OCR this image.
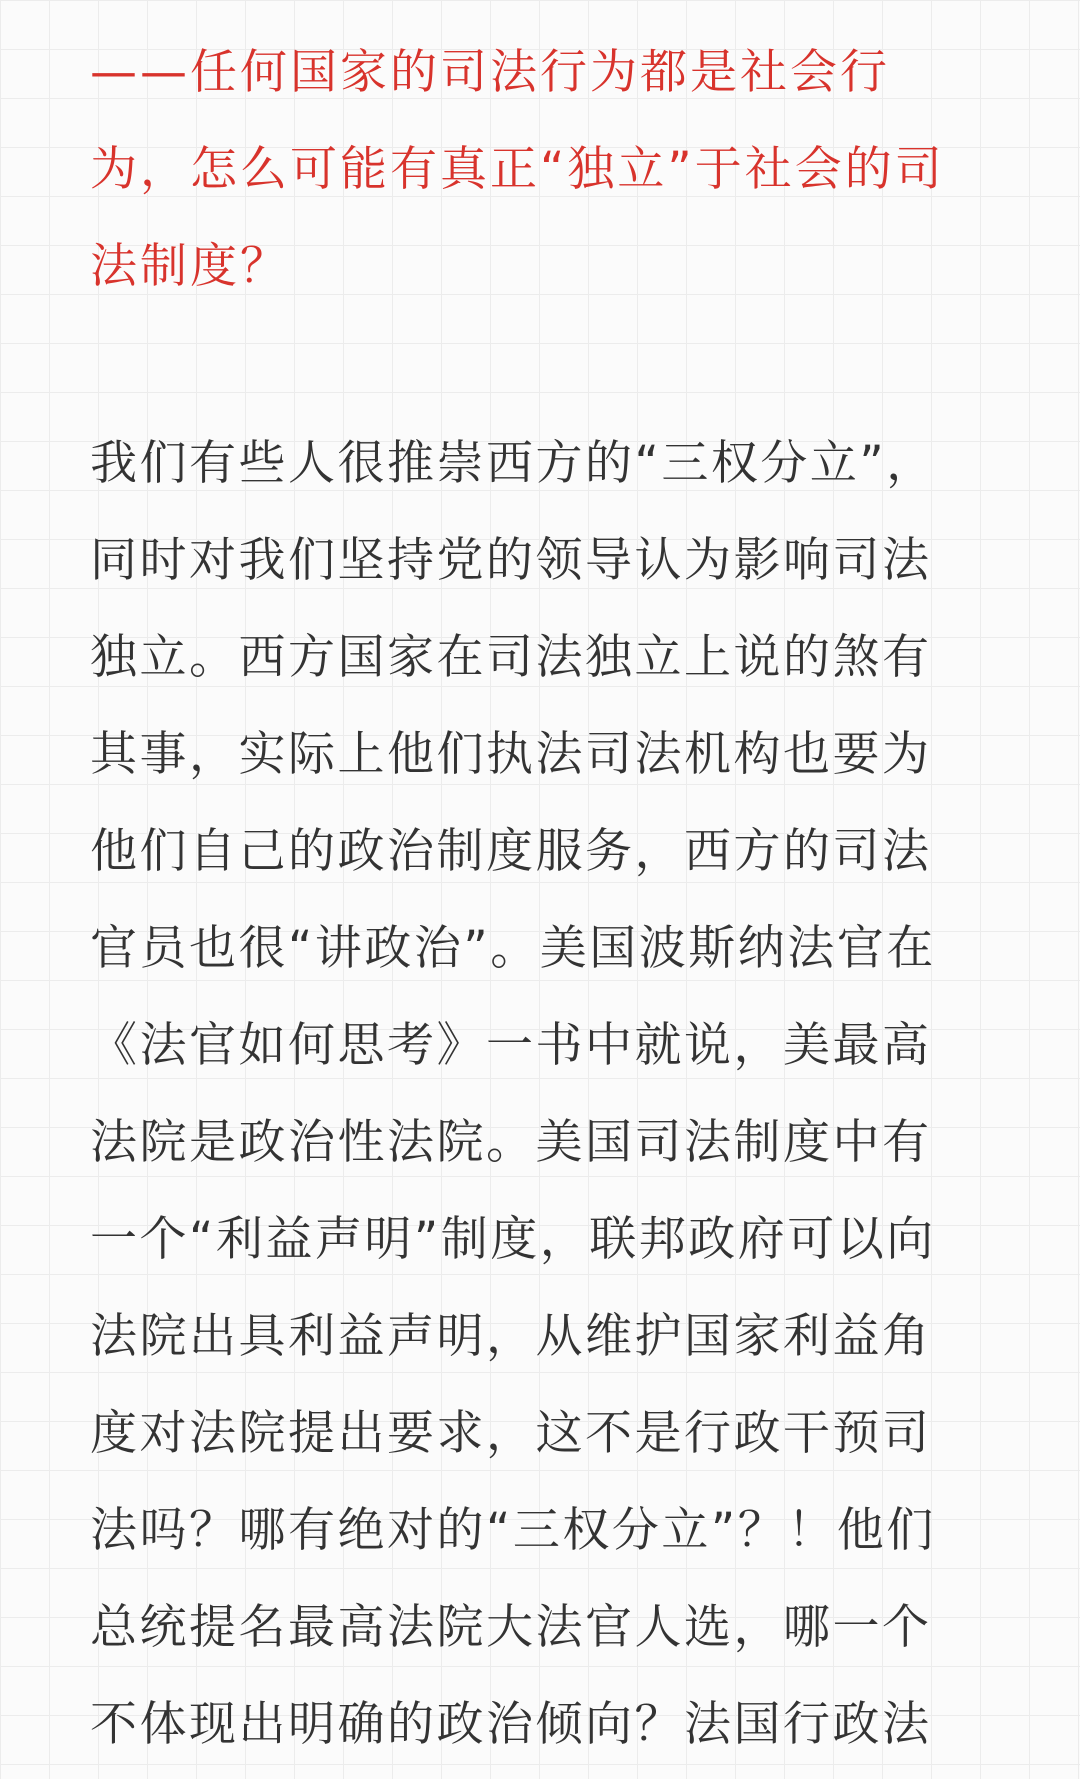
——任何国家的司法行为都是社会行
为，怎么可能有真正“独立”于社会的司
法制度？
我们有些人很推崇西方的“三权分立”，
同时对我们坚持党的领导认为影响司法
独立。西方国家在司法独立上说的煞有
其事，实际上他们执法司法机构也要为
他们自己的政治制度服务，西方的司法
官员也很“讲政治”。美国波斯纳法官在
《法官如何思考》一书中就说，美最高
法院是政治性法院。美国司法制度中有
一个“利益声明”制度，联邦政府可以向
法院出具利益声明，从维护国家利益角
度对法院提出要求，这不是行政干预司
法吗？哪有绝对的“三权分立”？！他们
总统提名最高法院大法官人选，哪一个
不体现出明确的政治倾向？法国行政法
